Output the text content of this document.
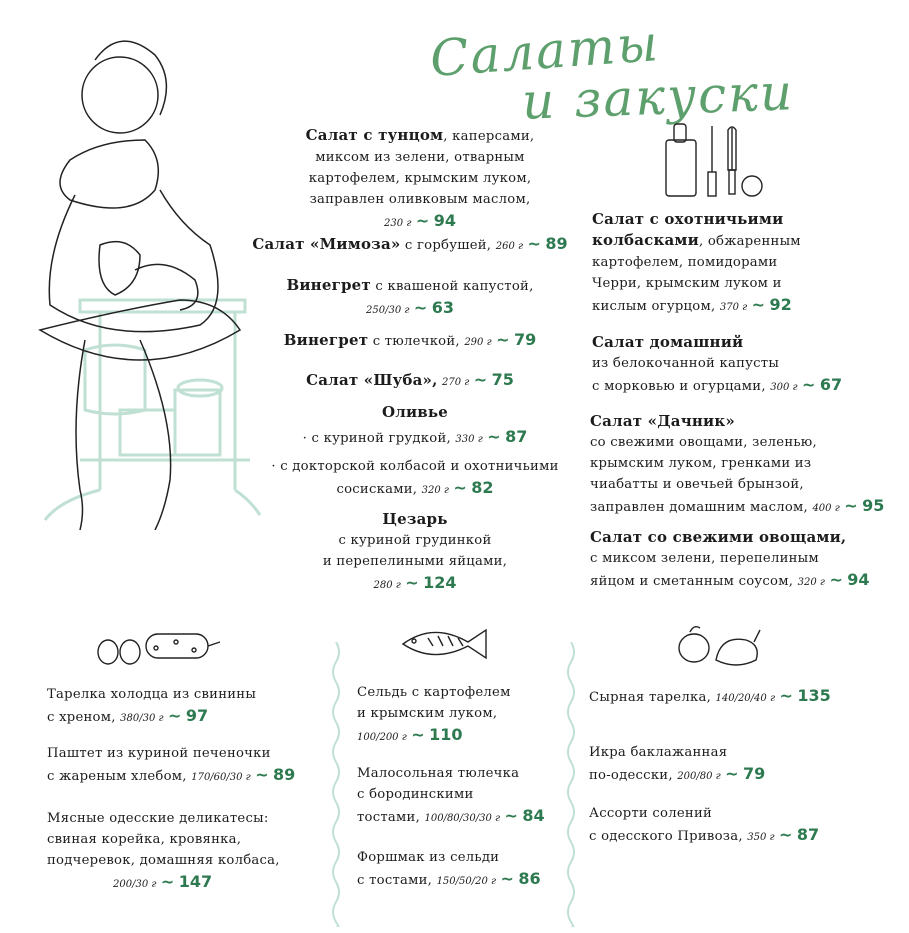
Салаты
и закуски
Салат с тунцом, каперсами,
миксом из зелени, отварным
картофелем, крымским луком,
заправлен оливковым маслом,
230 г ~ 94
Салат «Мимоза» с горбушей, 260 г ~ 89
Винегрет с квашеной капустой,
250/30 г ~ 63
Винегрет с тюлечкой, 290 г ~ 79
Салат «Шуба», 270 г ~ 75
Оливье
· с куриной грудкой, 330 г ~ 87
· с докторской колбасой и охотничьими
сосисками, 320 г ~ 82
Цезарь
с куриной грудинкой
и перепелиными яйцами,
280 г ~ 124
Салат с охотничьими
колбасками, обжаренным
картофелем, помидорами
Черри, крымским луком и
кислым огурцом, 370 г ~ 92
Салат домашний
из белокочанной капусты
с морковью и огурцами, 300 г ~ 67
Салат «Дачник»
со свежими овощами, зеленью,
крымским луком, гренками из
чиабатты и овечьей брынзой,
заправлен домашним маслом, 400 г ~ 95
Салат со свежими овощами,
с миксом зелени, перепелиным
яйцом и сметанным соусом, 320 г ~ 94
Тарелка холодца из свинины
с хреном, 380/30 г ~ 97
Паштет из куриной печеночки
с жареным хлебом, 170/60/30 г ~ 89
Мясные одесские деликатесы:
свиная корейка, кровянка,
подчеревок, домашняя колбаса,
200/30 г ~ 147
Сельдь с картофелем
и крымским луком,
100/200 г ~ 110
Малосольная тюлечка
с бородинскими
тостами, 100/80/30/30 г ~ 84
Форшмак из сельди
с тостами, 150/50/20 г ~ 86
Сырная тарелка, 140/20/40 г ~ 135
Икра баклажанная
по-одесски, 200/80 г ~ 79
Ассорти солений
с одесского Привоза, 350 г ~ 87
